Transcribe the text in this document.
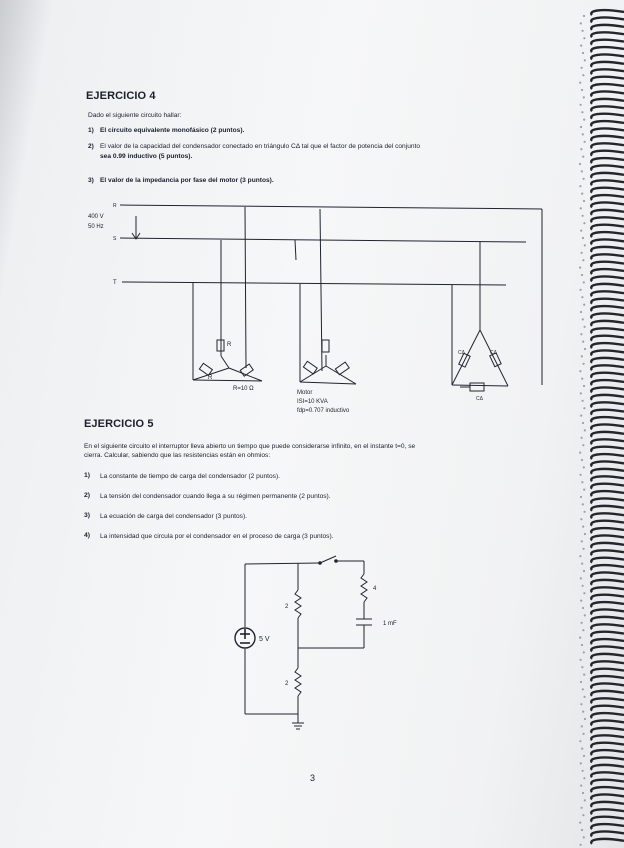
EJERCICIO 4
Dado el siguiente circuito hallar:
1) El circuito equivalente monofásico (2 puntos).
2) El valor de la capacidad del condensador conectado en triángulo CΔ tal que el factor de potencia del conjunto
sea 0.99 inductivo (5 puntos).
3) El valor de la impedancia por fase del motor (3 puntos).
R
S
T
400 V
50 Hz
R
R
R=10 Ω
Motor
ISI=10 KVA
fdp=0.707 inductivo
CΔ	CΔ
CΔ
EJERCICIO 5
En el siguiente circuito el interruptor lleva abierto un tiempo que puede considerarse infinito, en el instante t=0, se
cierra. Calcular, sabiendo que las resistencias están en ohmios:
1) La constante de tiempo de carga del condensador (2 puntos).
2) La tensión del condensador cuando llega a su régimen permanente (2 puntos).
3) La ecuación de carga del condensador (3 puntos).
4) La intensidad que circula por el condensador en el proceso de carga (3 puntos).
5 V
2
2
4
1 mF
3
